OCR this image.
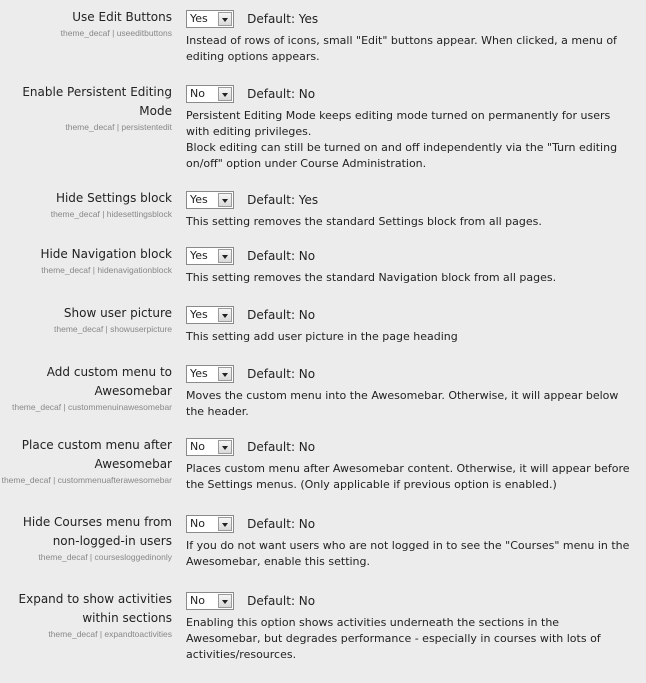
Use Edit Buttons
theme_decaf | useeditbuttons
Yes	Default: Yes
Instead of rows of icons, small "Edit" buttons appear. When clicked, a menu of editing options appears.
Enable Persistent Editing Mode
theme_decaf | persistentedit
No	Default: No
Persistent Editing Mode keeps editing mode turned on permanently for users with editing privileges.
Block editing can still be turned on and off independently via the "Turn editing on/off" option under Course Administration.
Hide Settings block
theme_decaf | hidesettingsblock
Yes	Default: Yes
This setting removes the standard Settings block from all pages.
Hide Navigation block
theme_decaf | hidenavigationblock
Yes	Default: No
This setting removes the standard Navigation block from all pages.
Show user picture
theme_decaf | showuserpicture
Yes	Default: No
This setting add user picture in the page heading
Add custom menu to Awesomebar
theme_decaf | custommenuinawesomebar
Yes	Default: No
Moves the custom menu into the Awesomebar. Otherwise, it will appear below the header.
Place custom menu after Awesomebar
theme_decaf | custommenuafterawesomebar
No	Default: No
Places custom menu after Awesomebar content. Otherwise, it will appear before the Settings menus. (Only applicable if previous option is enabled.)
Hide Courses menu from non-logged-in users
theme_decaf | coursesloggedinonly
No	Default: No
If you do not want users who are not logged in to see the "Courses" menu in the Awesomebar, enable this setting.
Expand to show activities within sections
theme_decaf | expandtoactivities
No	Default: No
Enabling this option shows activities underneath the sections in the Awesomebar, but degrades performance - especially in courses with lots of activities/resources.
